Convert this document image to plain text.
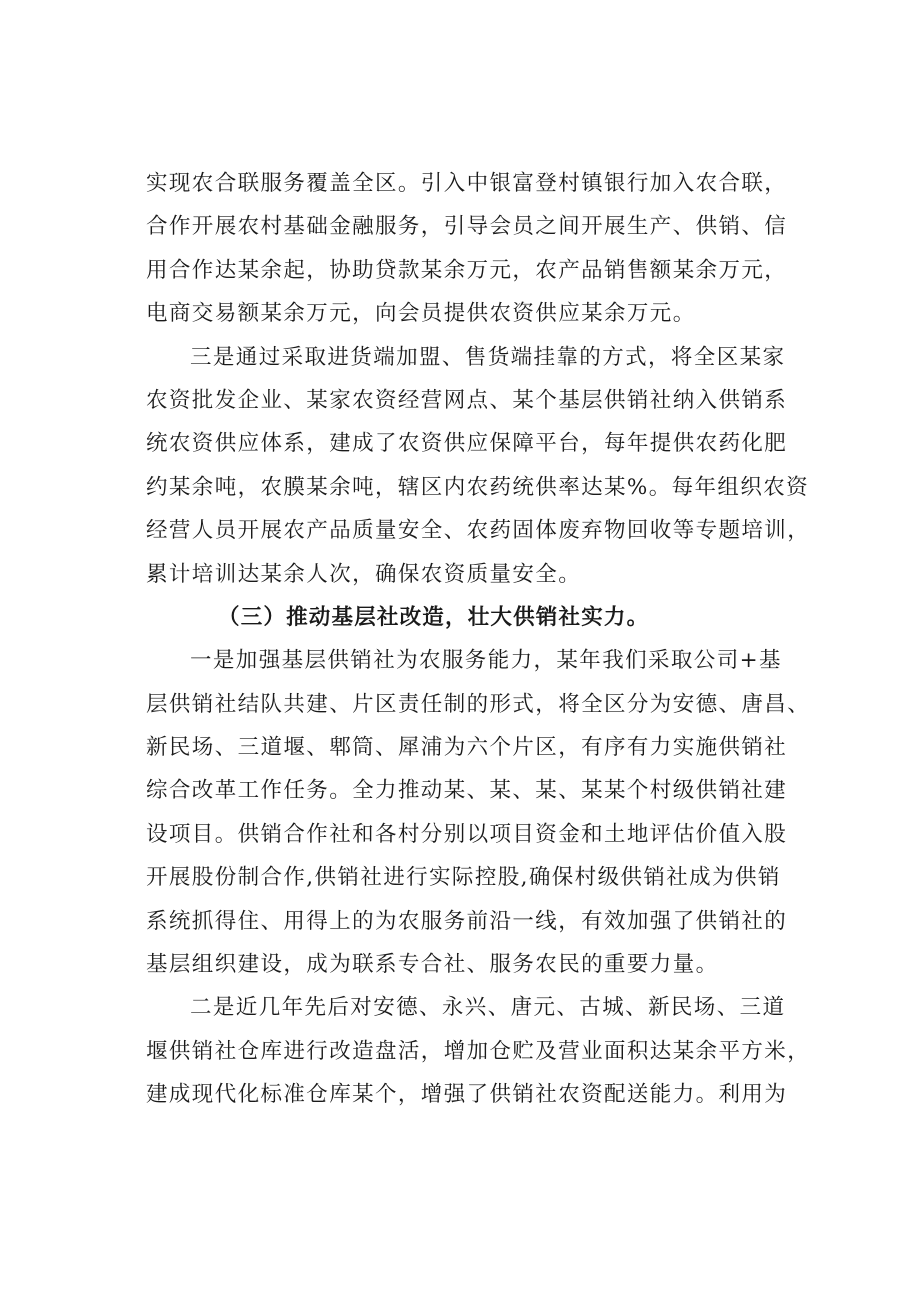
实现农合联服务覆盖全区。引入中银富登村镇银行加入农合联，
合作开展农村基础金融服务，引导会员之间开展生产、供销、信
用合作达某余起，协助贷款某余万元，农产品销售额某余万元，
电商交易额某余万元，向会员提供农资供应某余万元。
三是通过采取进货端加盟、售货端挂靠的方式，将全区某家
农资批发企业、某家农资经营网点、某个基层供销社纳入供销系
统农资供应体系，建成了农资供应保障平台，每年提供农药化肥
约某余吨，农膜某余吨，辖区内农药统供率达某%。每年组织农资
经营人员开展农产品质量安全、农药固体废弃物回收等专题培训，
累计培训达某余人次，确保农资质量安全。
（三）推动基层社改造，壮大供销社实力。
一是加强基层供销社为农服务能力，某年我们采取公司+基
层供销社结队共建、片区责任制的形式，将全区分为安德、唐昌、
新民场、三道堰、郫筒、犀浦为六个片区，有序有力实施供销社
综合改革工作任务。全力推动某、某、某、某某个村级供销社建
设项目。供销合作社和各村分别以项目资金和土地评估价值入股
开展股份制合作,供销社进行实际控股,确保村级供销社成为供销
系统抓得住、用得上的为农服务前沿一线，有效加强了供销社的
基层组织建设，成为联系专合社、服务农民的重要力量。
二是近几年先后对安德、永兴、唐元、古城、新民场、三道
堰供销社仓库进行改造盘活，增加仓贮及营业面积达某余平方米，
建成现代化标准仓库某个，增强了供销社农资配送能力。利用为
